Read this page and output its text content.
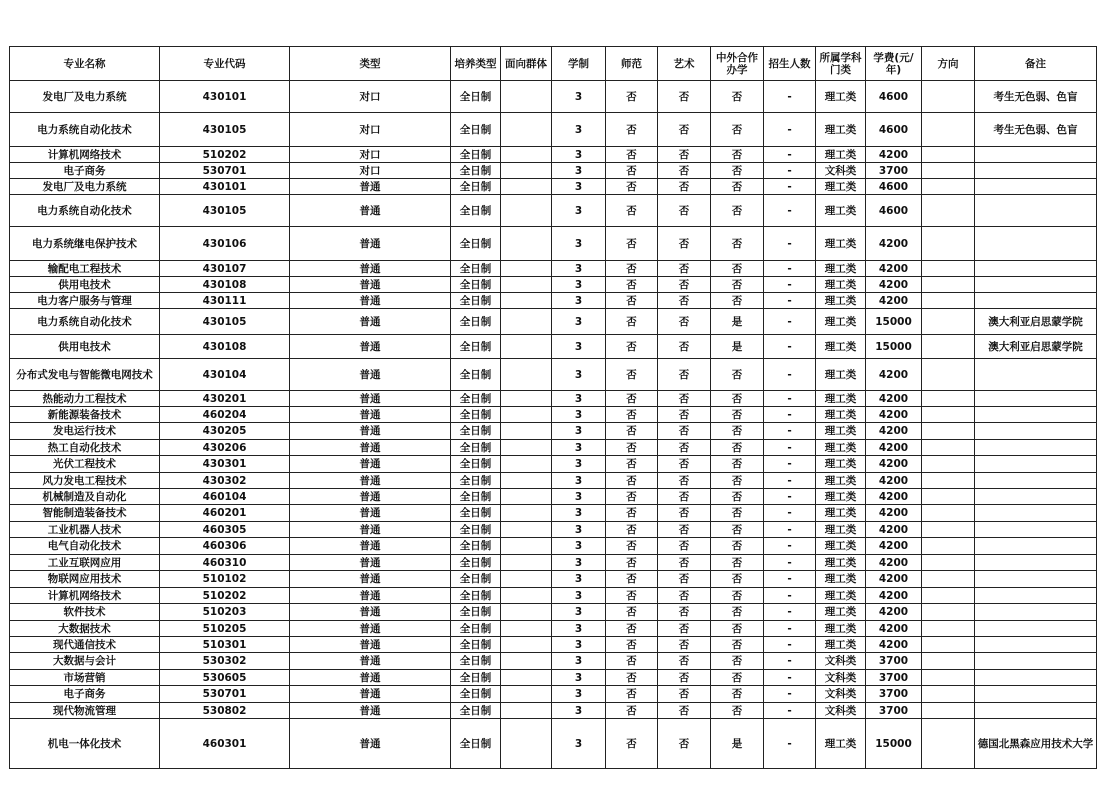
专业名称	专业代码	类型	培养类型	面向群体	学制	师范	艺术	中外合作办学	招生人数	所属学科门类	学费(元/年)	方向	备注
发电厂及电力系统	430101	对口	全日制		3	否	否	否	-	理工类	4600		考生无色弱、色盲
电力系统自动化技术	430105	对口	全日制		3	否	否	否	-	理工类	4600		考生无色弱、色盲
计算机网络技术	510202	对口	全日制		3	否	否	否	-	理工类	4200		
电子商务	530701	对口	全日制		3	否	否	否	-	文科类	3700		
发电厂及电力系统	430101	普通	全日制		3	否	否	否	-	理工类	4600		
电力系统自动化技术	430105	普通	全日制		3	否	否	否	-	理工类	4600		
电力系统继电保护技术	430106	普通	全日制		3	否	否	否	-	理工类	4200		
输配电工程技术	430107	普通	全日制		3	否	否	否	-	理工类	4200		
供用电技术	430108	普通	全日制		3	否	否	否	-	理工类	4200		
电力客户服务与管理	430111	普通	全日制		3	否	否	否	-	理工类	4200		
电力系统自动化技术	430105	普通	全日制		3	否	否	是	-	理工类	15000		澳大利亚启思蒙学院
供用电技术	430108	普通	全日制		3	否	否	是	-	理工类	15000		澳大利亚启思蒙学院
分布式发电与智能微电网技术	430104	普通	全日制		3	否	否	否	-	理工类	4200		
热能动力工程技术	430201	普通	全日制		3	否	否	否	-	理工类	4200		
新能源装备技术	460204	普通	全日制		3	否	否	否	-	理工类	4200		
发电运行技术	430205	普通	全日制		3	否	否	否	-	理工类	4200		
热工自动化技术	430206	普通	全日制		3	否	否	否	-	理工类	4200		
光伏工程技术	430301	普通	全日制		3	否	否	否	-	理工类	4200		
风力发电工程技术	430302	普通	全日制		3	否	否	否	-	理工类	4200		
机械制造及自动化	460104	普通	全日制		3	否	否	否	-	理工类	4200		
智能制造装备技术	460201	普通	全日制		3	否	否	否	-	理工类	4200		
工业机器人技术	460305	普通	全日制		3	否	否	否	-	理工类	4200		
电气自动化技术	460306	普通	全日制		3	否	否	否	-	理工类	4200		
工业互联网应用	460310	普通	全日制		3	否	否	否	-	理工类	4200		
物联网应用技术	510102	普通	全日制		3	否	否	否	-	理工类	4200		
计算机网络技术	510202	普通	全日制		3	否	否	否	-	理工类	4200		
软件技术	510203	普通	全日制		3	否	否	否	-	理工类	4200		
大数据技术	510205	普通	全日制		3	否	否	否	-	理工类	4200		
现代通信技术	510301	普通	全日制		3	否	否	否	-	理工类	4200		
大数据与会计	530302	普通	全日制		3	否	否	否	-	文科类	3700		
市场营销	530605	普通	全日制		3	否	否	否	-	文科类	3700		
电子商务	530701	普通	全日制		3	否	否	否	-	文科类	3700		
现代物流管理	530802	普通	全日制		3	否	否	否	-	文科类	3700		
机电一体化技术	460301	普通	全日制		3	否	否	是	-	理工类	15000		德国北黑森应用技术大学
